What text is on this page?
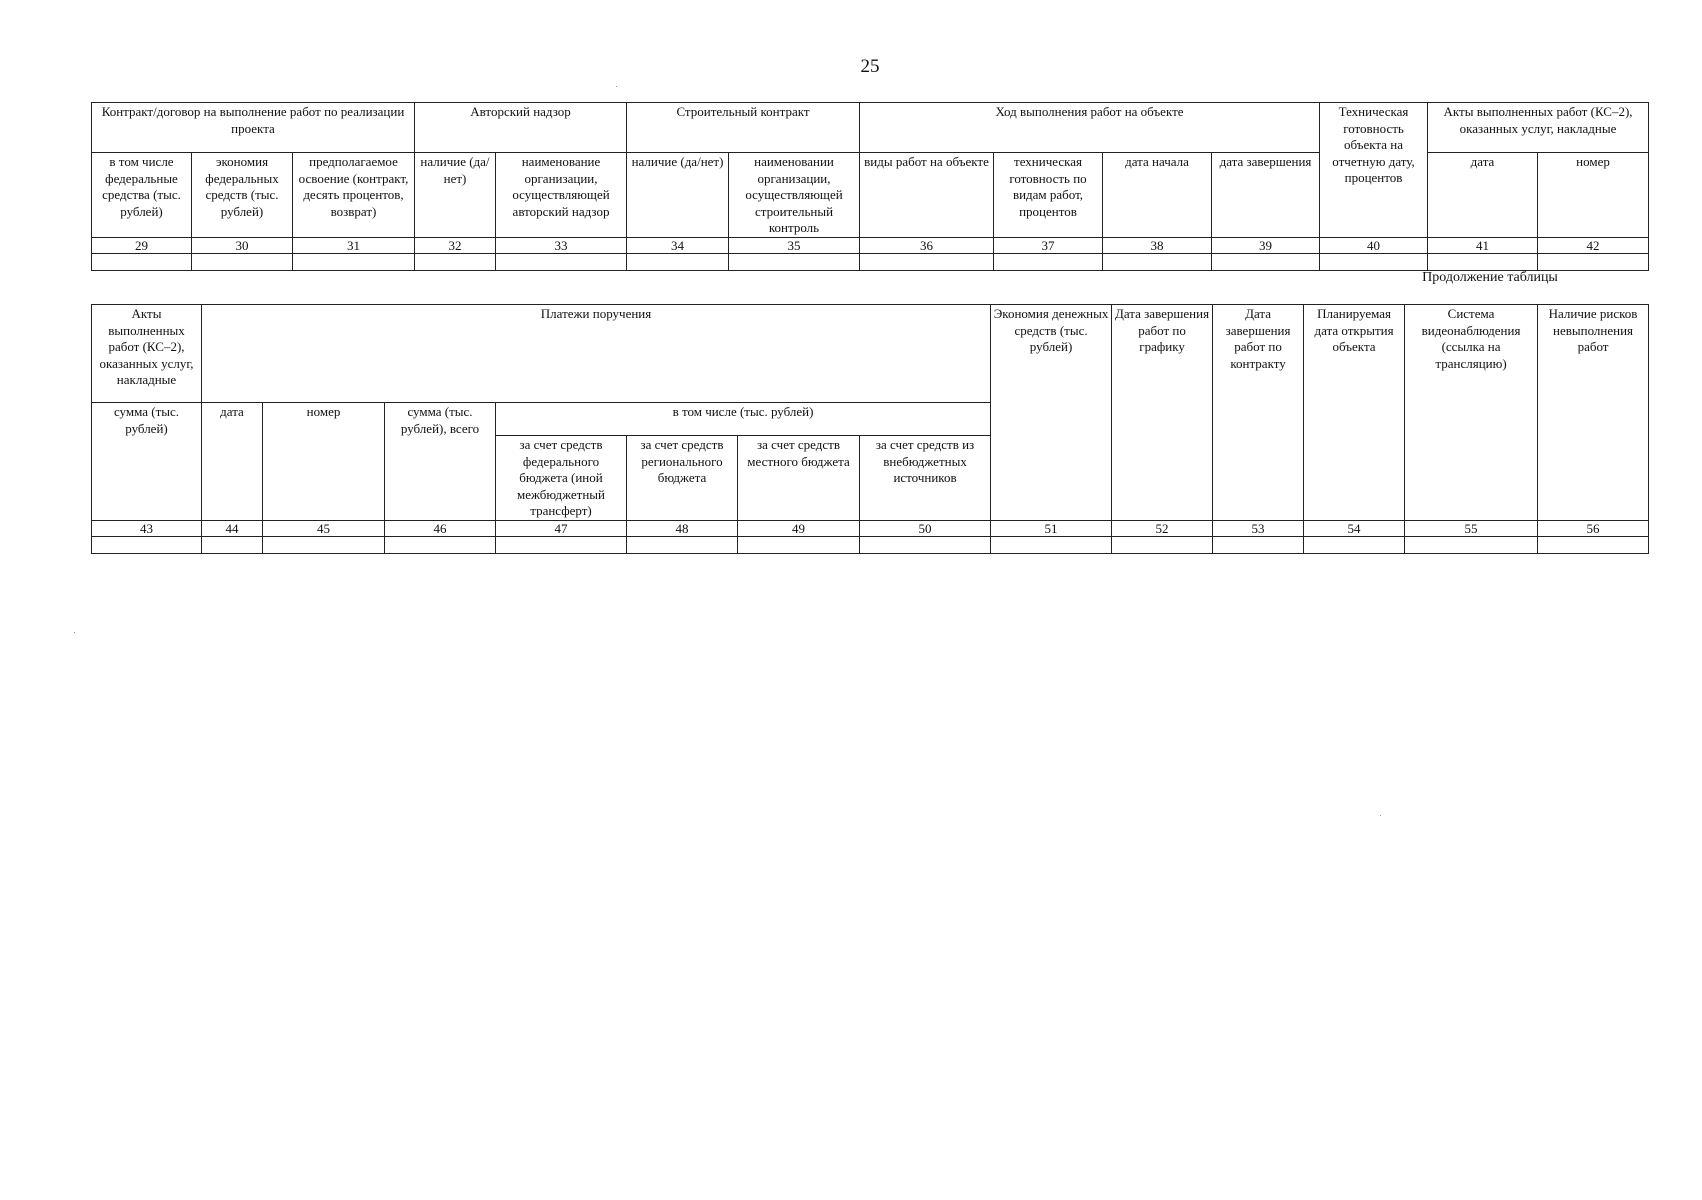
25
Контракт/договор на выполнение работ по реализации проекта			Авторский надзор		Строительный контракт		Ход выполнения работ на объекте				Техническая готовность объекта на отчетную дату, процентов	Акты выполненных работ (КС–2), оказанных услуг, накладные	
в том числе федеральные средства (тыс. рублей)	экономия федеральных средств (тыс. рублей)	предполагаемое освоение (контракт, десять процентов, возврат)	наличие (да/нет)	наименование организации, осуществляющей авторский надзор	наличие (да/нет)	наименовании организации, осуществляющей строительный контроль	виды работ на объекте	техническая готовность по видам работ, процентов	дата начала	дата завершения		дата	номер
29	30	31	32	33	34	35	36	37	38	39	40	41	42

Продолжение таблицы
Акты выполненных работ (КС–2), оказанных услуг, накладные	Платежи поручения							Экономия денежных средств (тыс. рублей)	Дата завершения работ по графику	Дата завершения работ по контракту	Планируемая дата открытия объекта	Система видеонаблюдения (ссылка на трансляцию)	Наличие рисков невыполнения работ
сумма (тыс. рублей)	дата	номер	сумма (тыс. рублей), всего	в том числе (тыс. рублей)									
				за счет средств федерального бюджета (иной межбюджетный трансферт)	за счет средств регионального бюджета	за счет средств местного бюджета	за счет средств из внебюджетных источников						
43	44	45	46	47	48	49	50	51	52	53	54	55	56
